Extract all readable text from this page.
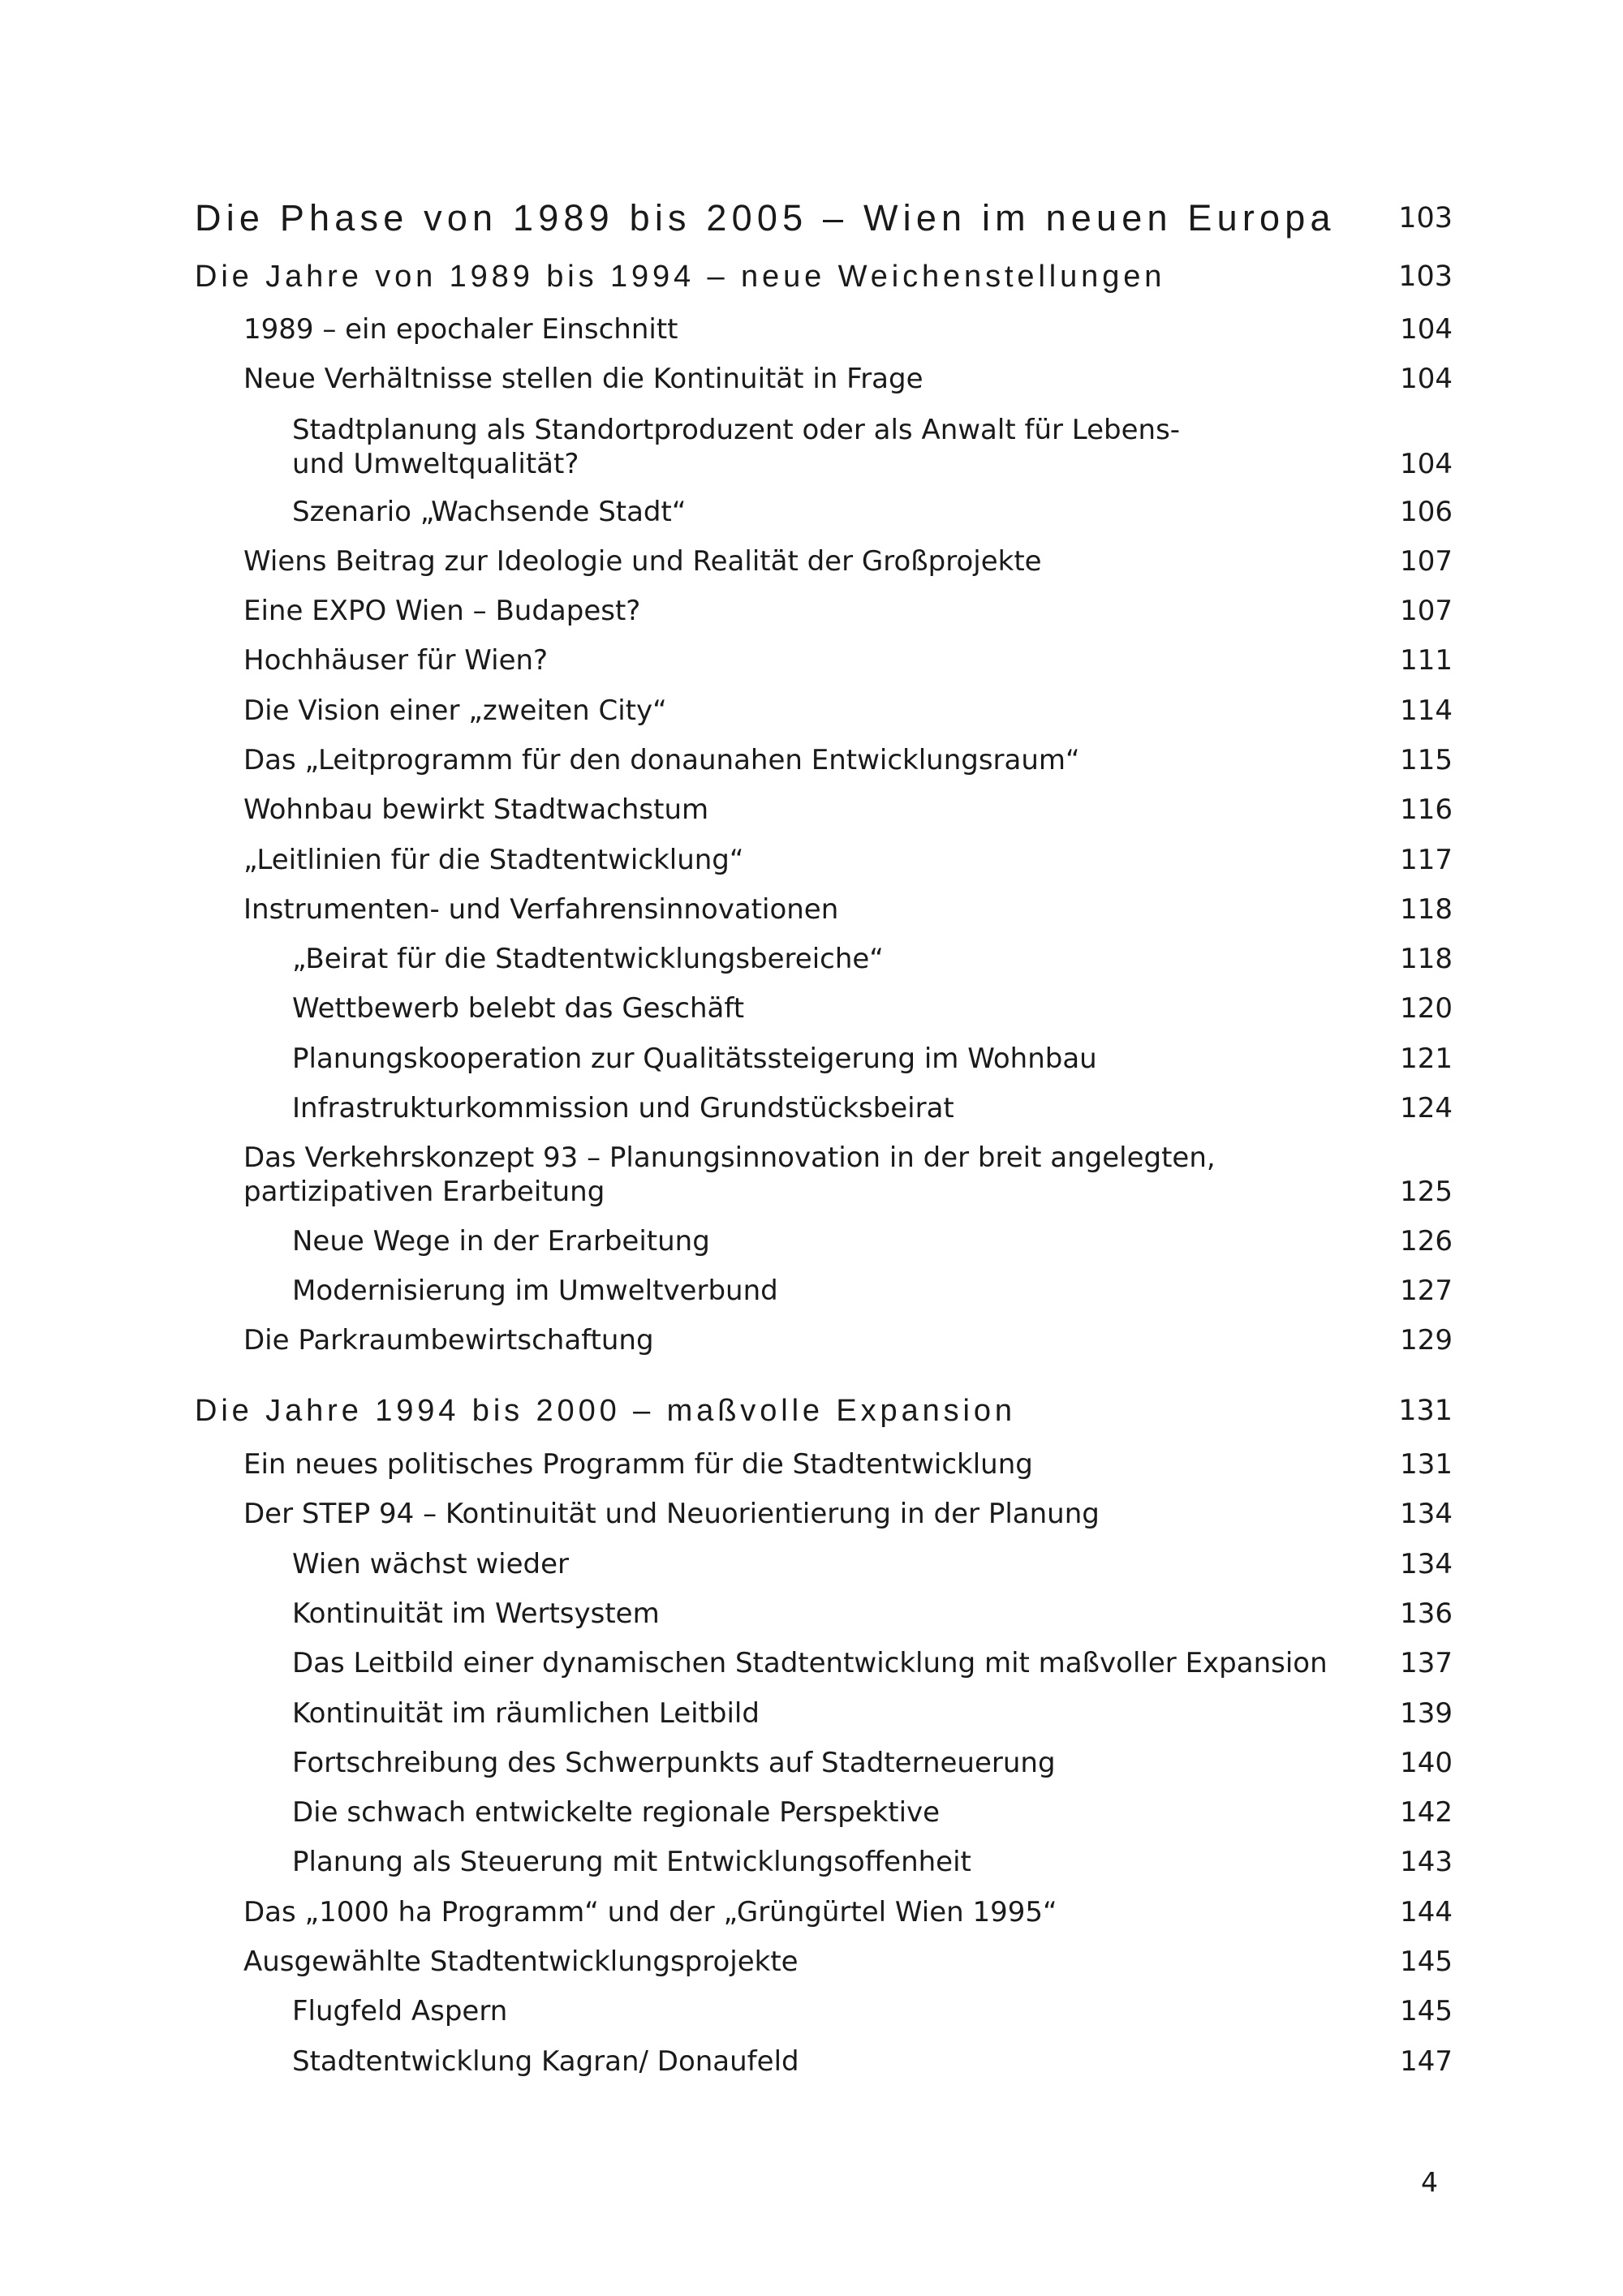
Die Phase von 1989 bis 2005 – Wien im neuen Europa 103
Die Jahre von 1989 bis 1994 – neue Weichenstellungen	103
1989 – ein epochaler Einschnitt	104
Neue Verhältnisse stellen die Kontinuität in Frage	104
Stadtplanung als Standortproduzent oder als Anwalt für Lebens-
und Umweltqualität?	104
Szenario „Wachsende Stadt“	106
Wiens Beitrag zur Ideologie und Realität der Großprojekte	107
Eine EXPO Wien – Budapest?	107
Hochhäuser für Wien?	111
Die Vision einer „zweiten City“	114
Das „Leitprogramm für den donaunahen Entwicklungsraum“	115
Wohnbau bewirkt Stadtwachstum	116
„Leitlinien für die Stadtentwicklung“	117
Instrumenten- und Verfahrensinnovationen	118
„Beirat für die Stadtentwicklungsbereiche“	118
Wettbewerb belebt das Geschäft	120
Planungskooperation zur Qualitätssteigerung im Wohnbau	121
Infrastrukturkommission und Grundstücksbeirat	124
Das Verkehrskonzept 93 – Planungsinnovation in der breit angelegten,
partizipativen Erarbeitung	125
Neue Wege in der Erarbeitung	126
Modernisierung im Umweltverbund	127
Die Parkraumbewirtschaftung	129
Die Jahre 1994 bis 2000 – maßvolle Expansion	131
Ein neues politisches Programm für die Stadtentwicklung	131
Der STEP 94 – Kontinuität und Neuorientierung in der Planung	134
Wien wächst wieder	134
Kontinuität im Wertsystem	136
Das Leitbild einer dynamischen Stadtentwicklung mit maßvoller Expansion	137
Kontinuität im räumlichen Leitbild	139
Fortschreibung des Schwerpunkts auf Stadterneuerung	140
Die schwach entwickelte regionale Perspektive	142
Planung als Steuerung mit Entwicklungsoffenheit	143
Das „1000 ha Programm“ und der „Grüngürtel Wien 1995“	144
Ausgewählte Stadtentwicklungsprojekte	145
Flugfeld Aspern	145
Stadtentwicklung Kagran/ Donaufeld	147
4
